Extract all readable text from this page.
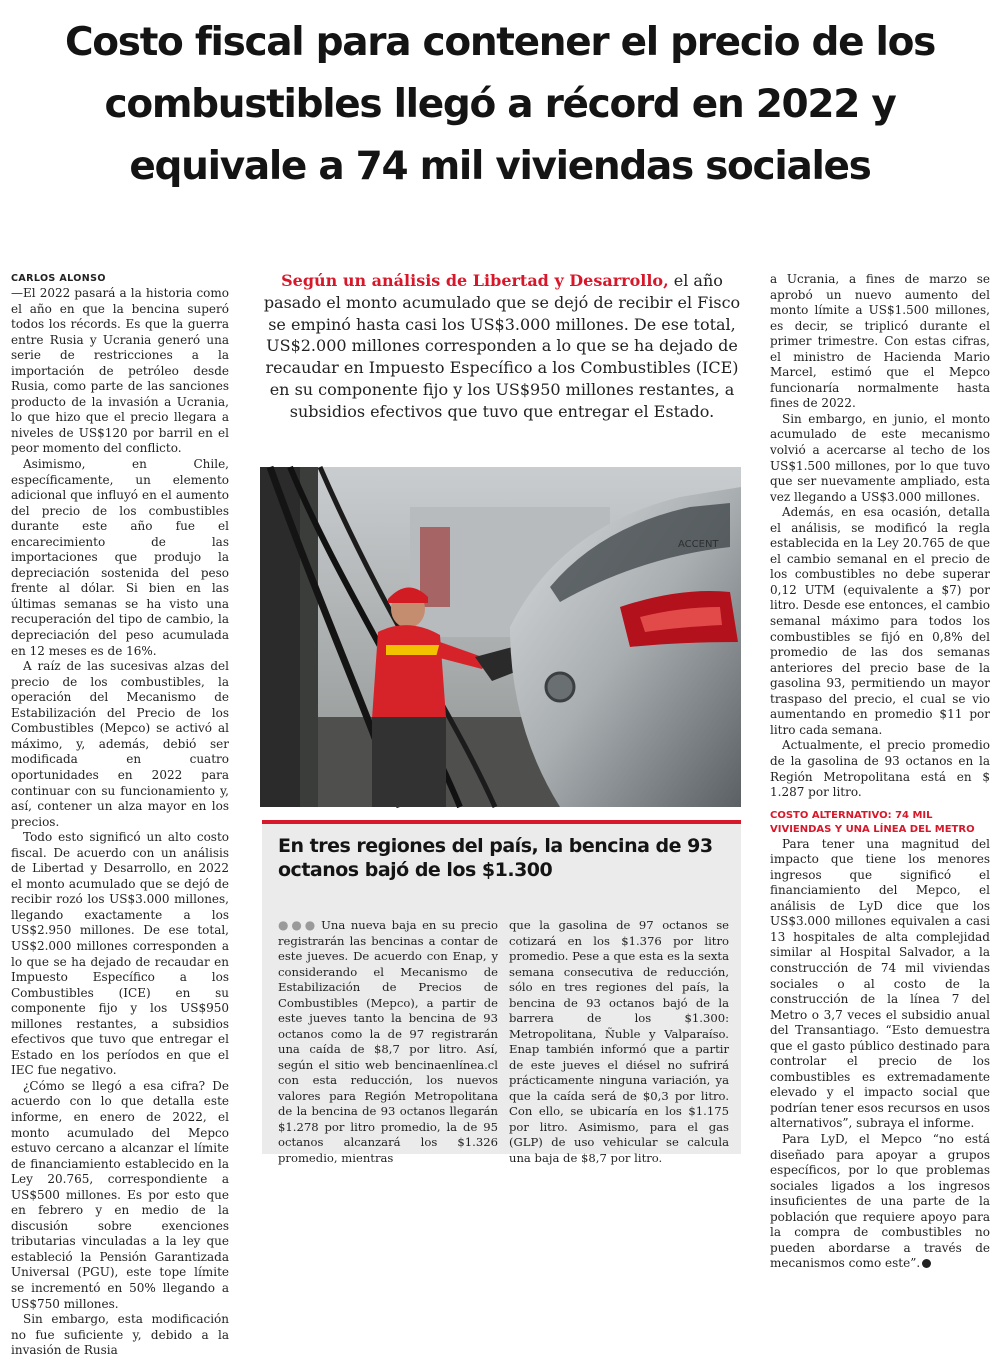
Costo fiscal para contener el precio de los combustibles llegó a récord en 2022 y equivale a 74 mil viviendas sociales
CARLOS ALONSO

—El 2022 pasará a la historia como el año en que la bencina superó todos los récords. Es que la guerra entre Rusia y Ucrania generó una serie de restricciones a la importación de petróleo desde Rusia, como parte de las sanciones producto de la invasión a Ucrania, lo que hizo que el precio llegara a niveles de US$120 por barril en el peor momento del conflicto.

Asimismo, en Chile, específicamente, un elemento adicional que influyó en el aumento del precio de los combustibles durante este año fue el encarecimiento de las importaciones que produjo la depreciación sostenida del peso frente al dólar. Si bien en las últimas semanas se ha visto una recuperación del tipo de cambio, la depreciación del peso acumulada en 12 meses es de 16%.

A raíz de las sucesivas alzas del precio de los combustibles, la operación del Mecanismo de Estabilización del Precio de los Combustibles (Mepco) se activó al máximo, y, además, debió ser modificada en cuatro oportunidades en 2022 para continuar con su funcionamiento y, así, contener un alza mayor en los precios.

Todo esto significó un alto costo fiscal. De acuerdo con un análisis de Libertad y Desarrollo, en 2022 el monto acumulado que se dejó de recibir rozó los US$3.000 millones, llegando exactamente a los US$2.950 millones. De ese total, US$2.000 millones corresponden a lo que se ha dejado de recaudar en Impuesto Específico a los Combustibles (ICE) en su componente fijo y los US$950 millones restantes, a subsidios efectivos que tuvo que entregar el Estado en los períodos en que el IEC fue negativo.

¿Cómo se llegó a esa cifra? De acuerdo con lo que detalla este informe, en enero de 2022, el monto acumulado del Mepco estuvo cercano a alcanzar el límite de financiamiento establecido en la Ley 20.765, correspondiente a US$500 millones. Es por esto que en febrero y en medio de la discusión sobre exenciones tributarias vinculadas a la ley que estableció la Pensión Garantizada Universal (PGU), este tope límite se incrementó en 50% llegando a US$750 millones.

Sin embargo, esta modificación no fue suficiente y, debido a la invasión de Rusia

Según un análisis de Libertad y Desarrollo, el año pasado el monto acumulado que se dejó de recibir el Fisco se empinó hasta casi los US$3.000 millones. De ese total, US$2.000 millones corresponden a lo que se ha dejado de recaudar en Impuesto Específico a los Combustibles (ICE) en su componente fijo y los US$950 millones restantes, a subsidios efectivos que tuvo que entregar el Estado.
ACCENT
En tres regiones del país, la bencina de 93 octanos bajó de los $1.300
●●● Una nueva baja en su precio registrarán las bencinas a contar de este jueves. De acuerdo con Enap, y considerando el Mecanismo de Estabilización de Precios de Combustibles (Mepco), a partir de este jueves tanto la bencina de 93 octanos como la de 97 registrarán una caída de $8,7 por litro. Así, según el sitio web bencinaenlínea.cl con esta reducción, los nuevos valores para Región Metropolitana de la bencina de 93 octanos llegarán $1.278 por litro promedio, la de 95 octanos alcanzará los $1.326 promedio, mientras
que la gasolina de 97 octanos se cotizará en los $1.376 por litro promedio. Pese a que esta es la sexta semana consecutiva de reducción, sólo en tres regiones del país, la bencina de 93 octanos bajó de la barrera de los $1.300: Metropolitana, Ñuble y Valparaíso. Enap también informó que a partir de este jueves el diésel no sufrirá prácticamente ninguna variación, ya que la caída será de $0,3 por litro. Con ello, se ubicaría en los $1.175 por litro. Asimismo, para el gas (GLP) de uso vehicular se calcula una baja de $8,7 por litro.

a Ucrania, a fines de marzo se aprobó un nuevo aumento del monto límite a US$1.500 millones, es decir, se triplicó durante el primer trimestre. Con estas cifras, el ministro de Hacienda Mario Marcel, estimó que el Mepco funcionaría normalmente hasta fines de 2022.

Sin embargo, en junio, el monto acumulado de este mecanismo volvió a acercarse al techo de los US$1.500 millones, por lo que tuvo que ser nuevamente ampliado, esta vez llegando a US$3.000 millones.

Además, en esa ocasión, detalla el análisis, se modificó la regla establecida en la Ley 20.765 de que el cambio semanal en el precio de los combustibles no debe superar 0,12 UTM (equivalente a $7) por litro. Desde ese entonces, el cambio semanal máximo para todos los combustibles se fijó en 0,8% del promedio de las dos semanas anteriores del precio base de la gasolina 93, permitiendo un mayor traspaso del precio, el cual se vio aumentando en promedio $11 por litro cada semana.

Actualmente, el precio promedio de la gasolina de 93 octanos en la Región Metropolitana está en $ 1.287 por litro.

COSTO ALTERNATIVO: 74 MIL VIVIENDAS Y UNA LÍNEA DEL METRO

Para tener una magnitud del impacto que tiene los menores ingresos que significó el financiamiento del Mepco, el análisis de LyD dice que los US$3.000 millones equivalen a casi 13 hospitales de alta complejidad similar al Hospital Salvador, a la construcción de 74 mil viviendas sociales o al costo de la construcción de la línea 7 del Metro o 3,7 veces el subsidio anual del Transantiago. “Esto demuestra que el gasto público destinado para controlar el precio de los combustibles es extremadamente elevado y el impacto social que podrían tener esos recursos en usos alternativos”, subraya el informe.

Para LyD, el Mepco “no está diseñado para apoyar a grupos específicos, por lo que problemas sociales ligados a los ingresos insuficientes de una parte de la población que requiere apoyo para la compra de combustibles no pueden abordarse a través de mecanismos como este”.
